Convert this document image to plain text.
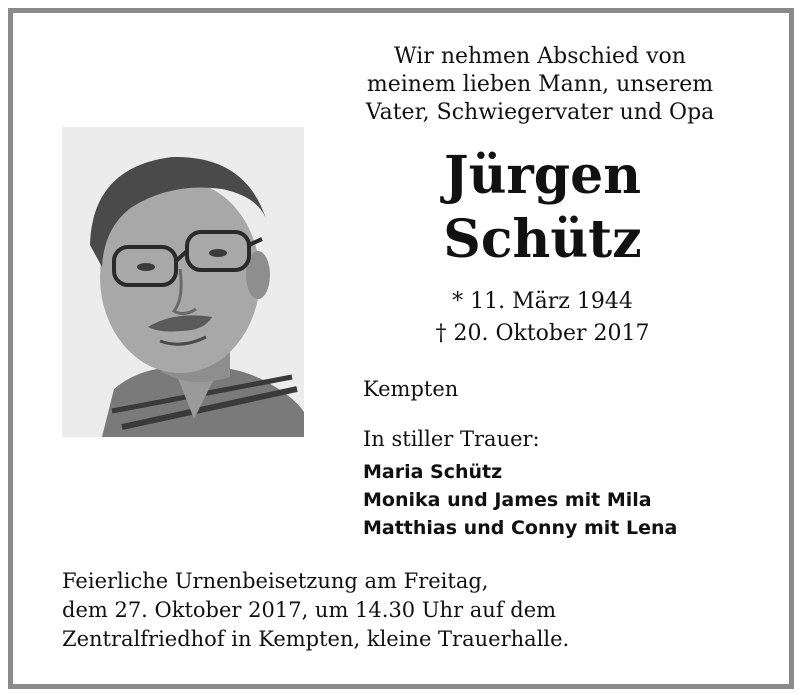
Wir nehmen Abschied von
meinem lieben Mann, unserem
Vater, Schwiegervater und Opa
Jürgen
Schütz
* 11. März 1944
† 20. Oktober 2017
Kempten
In stiller Trauer:
Maria Schütz
Monika und James mit Mila
Matthias und Conny mit Lena
Feierliche Urnenbeisetzung am Freitag,
dem 27. Oktober 2017, um 14.30 Uhr auf dem
Zentralfriedhof in Kempten, kleine Trauerhalle.
